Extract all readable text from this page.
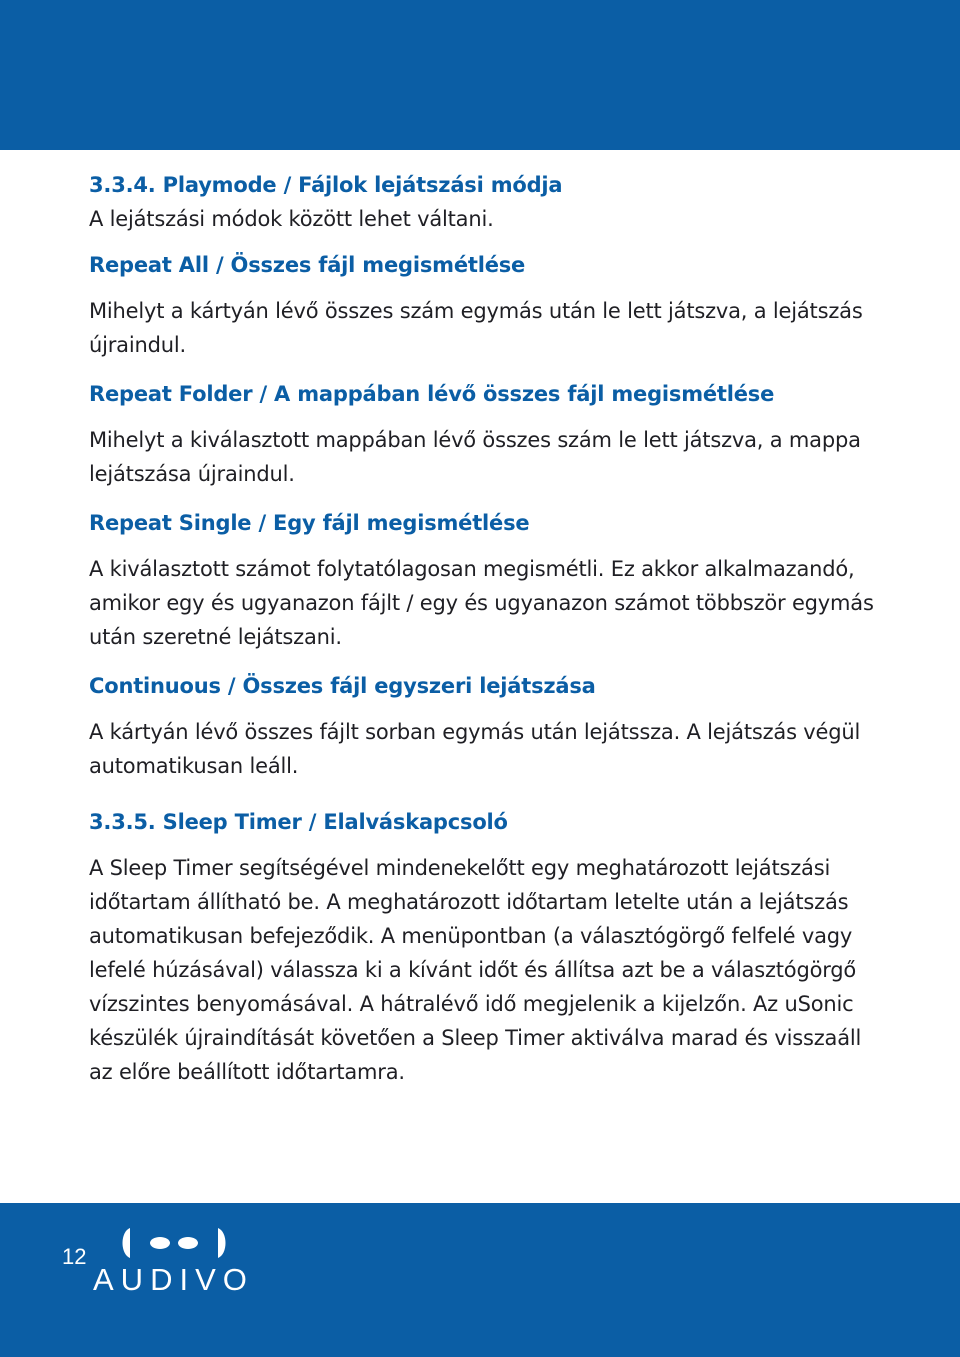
3.3.4. Playmode / Fájlok lejátszási módja

A lejátszási módok között lehet váltani.

Repeat All / Összes fájl megismétlése

Mihelyt a kártyán lévő összes szám egymás után le lett játszva, a lejátszás

újraindul.

Repeat Folder / A mappában lévő összes fájl megismétlése

Mihelyt a kiválasztott mappában lévő összes szám le lett játszva, a mappa

lejátszása újraindul.

Repeat Single / Egy fájl megismétlése

A kiválasztott számot folytatólagosan megismétli. Ez akkor alkalmazandó,

amikor egy és ugyanazon fájlt / egy és ugyanazon számot többször egymás

után szeretné lejátszani.

Continuous / Összes fájl egyszeri lejátszása

A kártyán lévő összes fájlt sorban egymás után lejátssza. A lejátszás végül

automatikusan leáll.

3.3.5. Sleep Timer / Elalváskapcsoló

A Sleep Timer segítségével mindenekelőtt egy meghatározott lejátszási

időtartam állítható be. A meghatározott időtartam letelte után a lejátszás

automatikusan befejeződik. A menüpontban (a választógörgő felfelé vagy

lefelé húzásával) válassza ki a kívánt időt és állítsa azt be a választógörgő

vízszintes benyomásával. A hátralévő idő megjelenik a kijelzőn. Az uSonic

készülék újraindítását követően a Sleep Timer aktiválva marad és visszaáll

az előre beállított időtartamra.

12
AUDIVO
